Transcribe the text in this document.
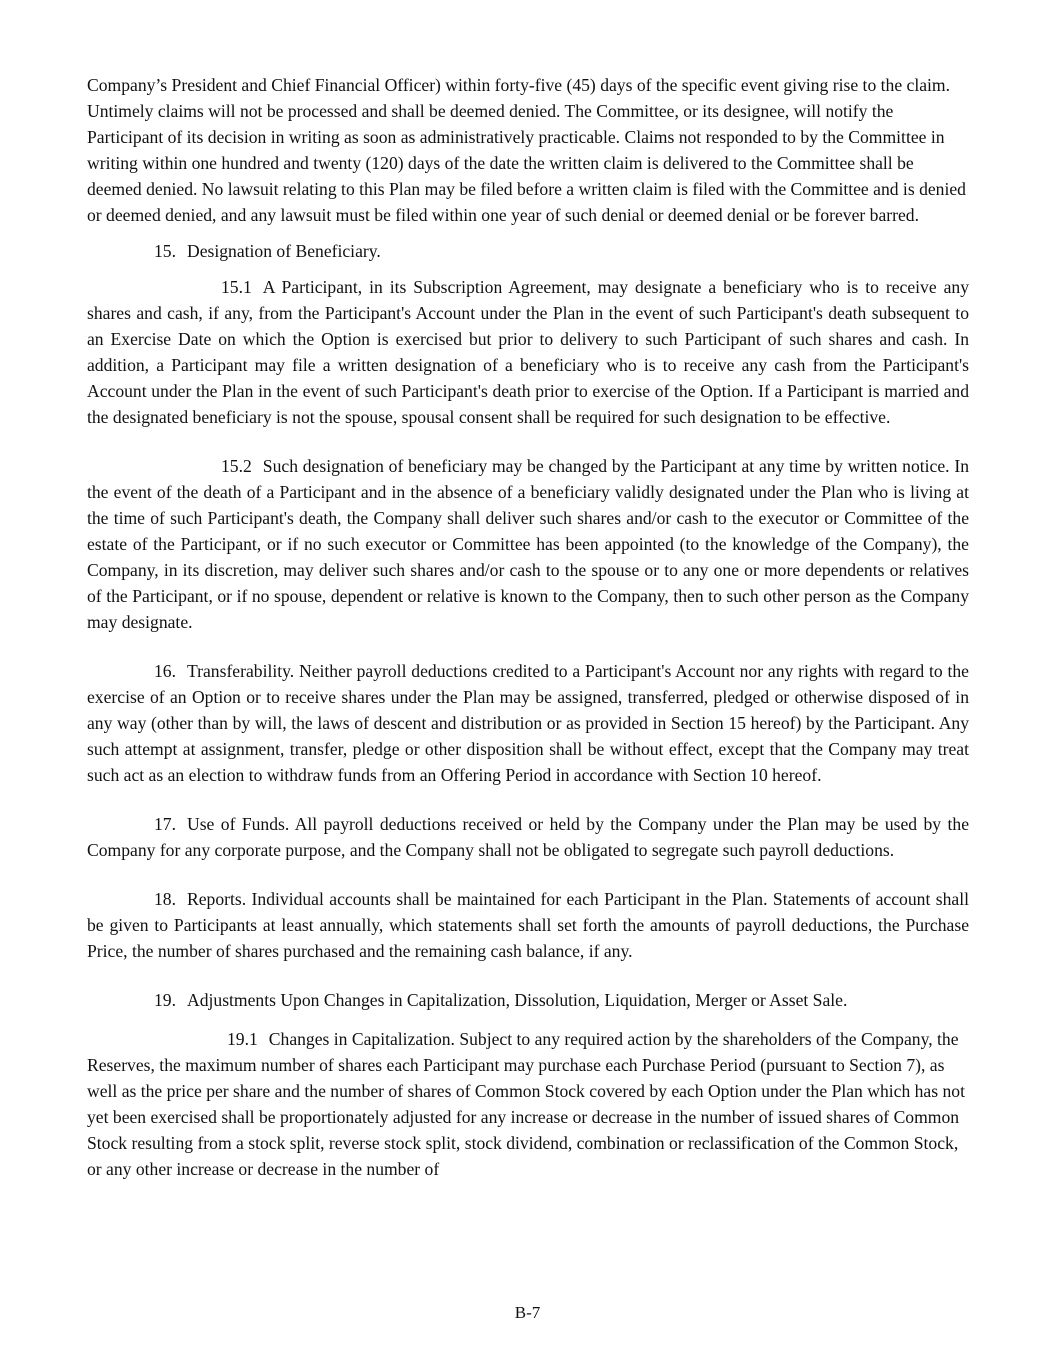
Company’s President and Chief Financial Officer) within forty-five (45) days of the specific event giving rise to the claim. Untimely claims will not be processed and shall be deemed denied. The Committee, or its designee, will notify the Participant of its decision in writing as soon as administratively practicable. Claims not responded to by the Committee in writing within one hundred and twenty (120) days of the date the written claim is delivered to the Committee shall be deemed denied. No lawsuit relating to this Plan may be filed before a written claim is filed with the Committee and is denied or deemed denied, and any lawsuit must be filed within one year of such denial or deemed denial or be forever barred.

15. Designation of Beneficiary.

15.1 A Participant, in its Subscription Agreement, may designate a beneficiary who is to receive any shares and cash, if any, from the Participant's Account under the Plan in the event of such Participant's death subsequent to an Exercise Date on which the Option is exercised but prior to delivery to such Participant of such shares and cash. In addition, a Participant may file a written designation of a beneficiary who is to receive any cash from the Participant's Account under the Plan in the event of such Participant's death prior to exercise of the Option. If a Participant is married and the designated beneficiary is not the spouse, spousal consent shall be required for such designation to be effective.

15.2 Such designation of beneficiary may be changed by the Participant at any time by written notice. In the event of the death of a Participant and in the absence of a beneficiary validly designated under the Plan who is living at the time of such Participant's death, the Company shall deliver such shares and/or cash to the executor or Committee of the estate of the Participant, or if no such executor or Committee has been appointed (to the knowledge of the Company), the Company, in its discretion, may deliver such shares and/or cash to the spouse or to any one or more dependents or relatives of the Participant, or if no spouse, dependent or relative is known to the Company, then to such other person as the Company may designate.

16. Transferability. Neither payroll deductions credited to a Participant's Account nor any rights with regard to the exercise of an Option or to receive shares under the Plan may be assigned, transferred, pledged or otherwise disposed of in any way (other than by will, the laws of descent and distribution or as provided in Section 15 hereof) by the Participant. Any such attempt at assignment, transfer, pledge or other disposition shall be without effect, except that the Company may treat such act as an election to withdraw funds from an Offering Period in accordance with Section 10 hereof.

17. Use of Funds. All payroll deductions received or held by the Company under the Plan may be used by the Company for any corporate purpose, and the Company shall not be obligated to segregate such payroll deductions.

18. Reports. Individual accounts shall be maintained for each Participant in the Plan. Statements of account shall be given to Participants at least annually, which statements shall set forth the amounts of payroll deductions, the Purchase Price, the number of shares purchased and the remaining cash balance, if any.

19. Adjustments Upon Changes in Capitalization, Dissolution, Liquidation, Merger or Asset Sale.

19.1 Changes in Capitalization. Subject to any required action by the shareholders of the Company, the Reserves, the maximum number of shares each Participant may purchase each Purchase Period (pursuant to Section 7), as well as the price per share and the number of shares of Common Stock covered by each Option under the Plan which has not yet been exercised shall be proportionately adjusted for any increase or decrease in the number of issued shares of Common Stock resulting from a stock split, reverse stock split, stock dividend, combination or reclassification of the Common Stock, or any other increase or decrease in the number of

B-7
